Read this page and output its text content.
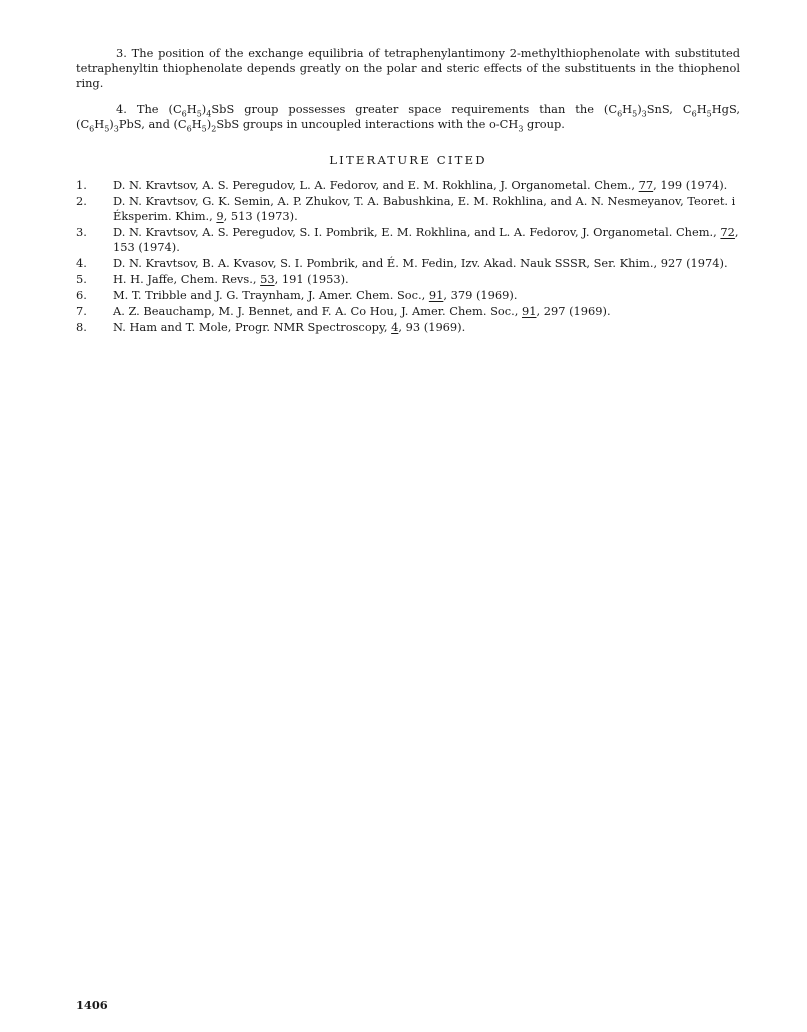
3. The position of the exchange equilibria of tetraphenylantimony 2-methylthiophenolate with substituted tetraphenyltin thiophenolate depends greatly on the polar and steric effects of the substituents in the thiophenol ring.

4. The $(C_6H_5)_4SbS$ group possesses greater space requirements than the $(C_6H_5)_3SnS$, $C_6H_5HgS$, $(C_6H_5)_3PbS$, and $(C_6H_5)_2SbS$ groups in uncoupled interactions with the $o-CH_3$ group.

LITERATURE CITED
1. D. N. Kravtsov, A. S. Peregudov, L. A. Fedorov, and E. M. Rokhlina, J. Organometal. Chem., 77, 199 (1974).
2. D. N. Kravtsov, G. K. Semin, A. P. Zhukov, T. A. Babushkina, E. M. Rokhlina, and A. N. Nesmeyanov, Teoret. i Éksperim. Khim., 9, 513 (1973).
3. D. N. Kravtsov, A. S. Peregudov, S. I. Pombrik, E. M. Rokhlina, and L. A. Fedorov, J. Organometal. Chem., 72, 153 (1974).
4. D. N. Kravtsov, B. A. Kvasov, S. I. Pombrik, and É. M. Fedin, Izv. Akad. Nauk SSSR, Ser. Khim., 927 (1974).
5. H. H. Jaffe, Chem. Revs., 53, 191 (1953).
6. M. T. Tribble and J. G. Traynham, J. Amer. Chem. Soc., 91, 379 (1969).
7. A. Z. Beauchamp, M. J. Bennet, and F. A. Co Hou, J. Amer. Chem. Soc., 91, 297 (1969).
8. N. Ham and T. Mole, Progr. NMR Spectroscopy, 4, 93 (1969).
1406
